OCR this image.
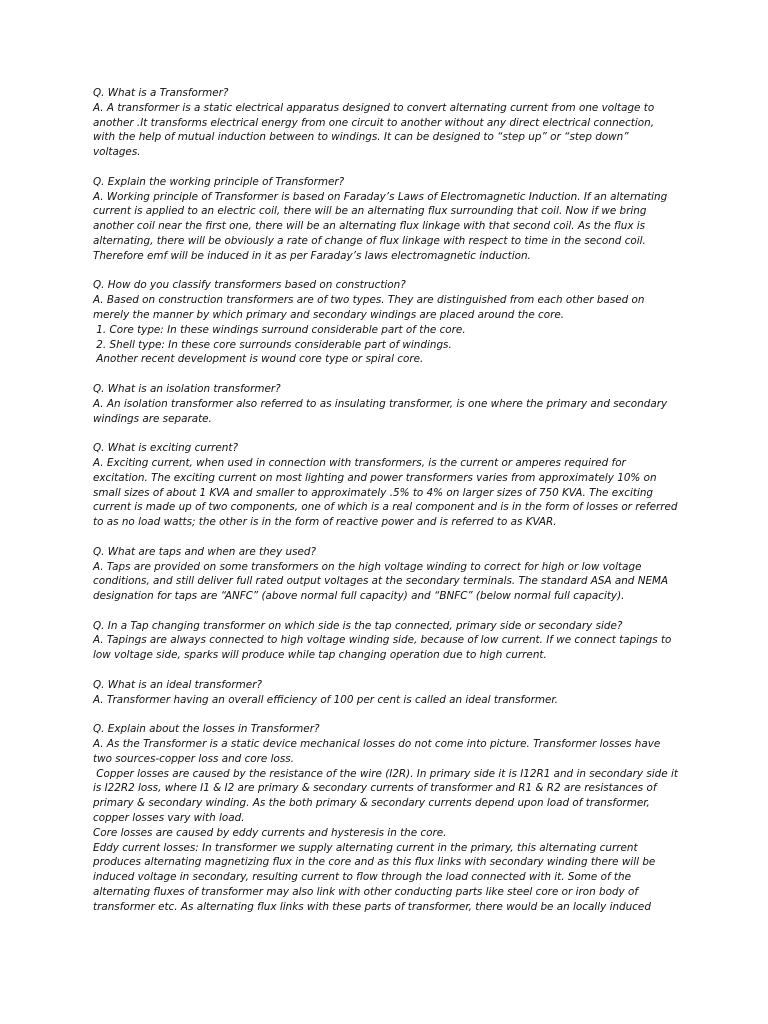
Q. What is a Transformer?
A. A transformer is a static electrical apparatus designed to convert alternating current from one voltage to
another .It transforms electrical energy from one circuit to another without any direct electrical connection,
with the help of mutual induction between to windings. It can be designed to “step up” or “step down”
voltages.
Q. Explain the working principle of Transformer?
A. Working principle of Transformer is based on Faraday’s Laws of Electromagnetic Induction. If an alternating
current is applied to an electric coil, there will be an alternating flux surrounding that coil. Now if we bring
another coil near the first one, there will be an alternating flux linkage with that second coil. As the flux is
alternating, there will be obviously a rate of change of flux linkage with respect to time in the second coil.
Therefore emf will be induced in it as per Faraday’s laws electromagnetic induction.
Q. How do you classify transformers based on construction?
A. Based on construction transformers are of two types. They are distinguished from each other based on
merely the manner by which primary and secondary windings are placed around the core.
1. Core type: In these windings surround considerable part of the core.
2. Shell type: In these core surrounds considerable part of windings.
Another recent development is wound core type or spiral core.
Q. What is an isolation transformer?
A. An isolation transformer also referred to as insulating transformer, is one where the primary and secondary
windings are separate.
Q. What is exciting current?
A. Exciting current, when used in connection with transformers, is the current or amperes required for
excitation. The exciting current on most lighting and power transformers varies from approximately 10% on
small sizes of about 1 KVA and smaller to approximately .5% to 4% on larger sizes of 750 KVA. The exciting
current is made up of two components, one of which is a real component and is in the form of losses or referred
to as no load watts; the other is in the form of reactive power and is referred to as KVAR.
Q. What are taps and when are they used?
A. Taps are provided on some transformers on the high voltage winding to correct for high or low voltage
conditions, and still deliver full rated output voltages at the secondary terminals. The standard ASA and NEMA
designation for taps are “ANFC” (above normal full capacity) and “BNFC” (below normal full capacity).
Q. In a Tap changing transformer on which side is the tap connected, primary side or secondary side?
A. Tapings are always connected to high voltage winding side, because of low current. If we connect tapings to
low voltage side, sparks will produce while tap changing operation due to high current.
Q. What is an ideal transformer?
A. Transformer having an overall efficiency of 100 per cent is called an ideal transformer.
Q. Explain about the losses in Transformer?
A. As the Transformer is a static device mechanical losses do not come into picture. Transformer losses have
two sources-copper loss and core loss.
Copper losses are caused by the resistance of the wire (I2R). In primary side it is I12R1 and in secondary side it
is I22R2 loss, where I1 & I2 are primary & secondary currents of transformer and R1 & R2 are resistances of
primary & secondary winding. As the both primary & secondary currents depend upon load of transformer,
copper losses vary with load.
Core losses are caused by eddy currents and hysteresis in the core.
Eddy current losses: In transformer we supply alternating current in the primary, this alternating current
produces alternating magnetizing flux in the core and as this flux links with secondary winding there will be
induced voltage in secondary, resulting current to flow through the load connected with it. Some of the
alternating fluxes of transformer may also link with other conducting parts like steel core or iron body of
transformer etc. As alternating flux links with these parts of transformer, there would be an locally induced
